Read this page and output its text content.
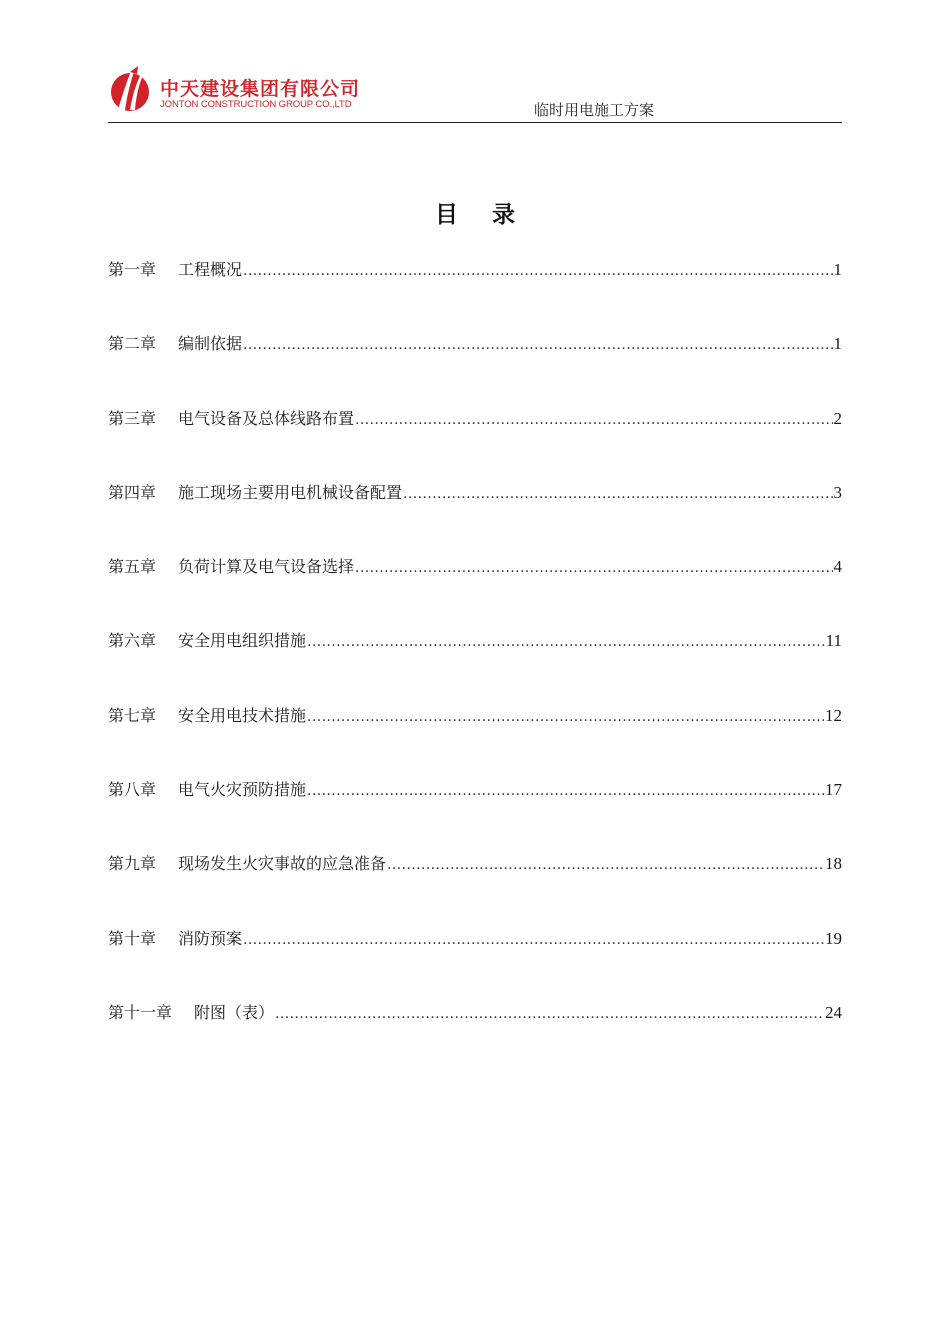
中天建设集团有限公司
JONTON CONSTRUCTION GROUP CO.,LTD	临时用电施工方案
目录
第一章	工程概况 .....	1
第二章	编制依据 .....	1
第三章	电气设备及总体线路布置 .....	2
第四章	施工现场主要用电机械设备配置 .....	3
第五章	负荷计算及电气设备选择 .....	4
第六章	安全用电组织措施 .....	11
第七章	安全用电技术措施 .....	12
第八章	电气火灾预防措施 .....	17
第九章	现场发生火灾事故的应急准备 .....	18
第十章	消防预案 .....	19
第十一章	附图（表） .....	24
